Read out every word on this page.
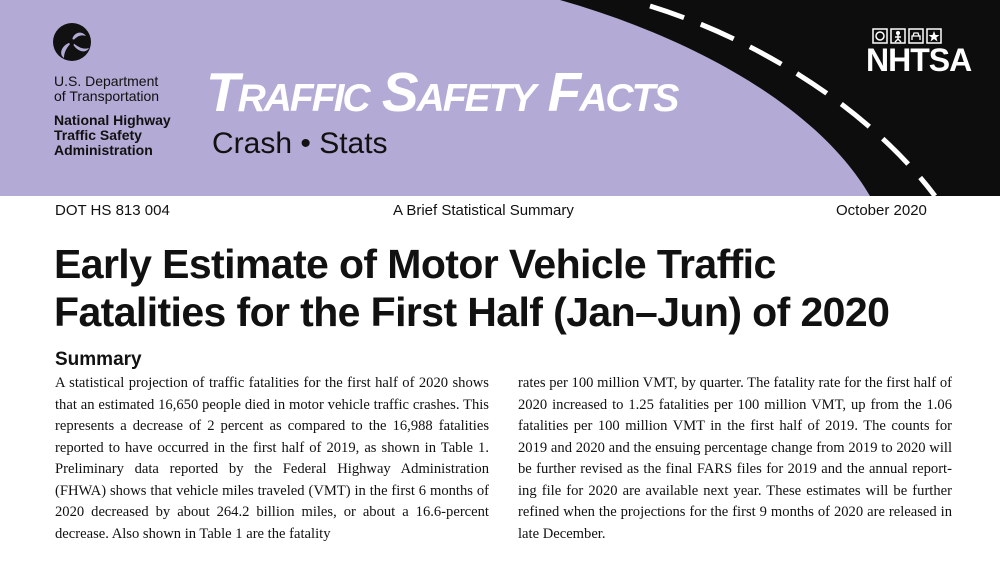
U.S. Department
of Transportation
National Highway
Traffic Safety
Administration
Traffic Safety Facts
Crash • Stats
NHTSA
DOT HS 813 004	A Brief Statistical Summary	October 2020
Early Estimate of Motor Vehicle Traffic
Fatalities for the First Half (Jan–Jun) of 2020
Summary

A statistical projection of traffic fatalities for the first half of 2020 shows that an estimated 16,650 people died in motor vehicle traffic crashes. This represents a decrease of 2 percent as compared to the 16,988 fatalities reported to have occurred in the first half of 2019, as shown in Table 1. Preliminary data reported by the Federal Highway Administration (FHWA) shows that vehicle miles traveled (VMT) in the first 6 months of 2020 decreased by about 264.2 billion miles, or about a 16.6-percent decrease. Also shown in Table 1 are the fatality

rates per 100 million VMT, by quarter. The fatality rate for the first half of 2020 increased to 1.25 fatalities per 100 million VMT, up from the 1.06 fatalities per 100 million VMT in the first half of 2019. The counts for 2019 and 2020 and the ensuing percentage change from 2019 to 2020 will be further revised as the final FARS files for 2019 and the annual reporting file for 2020 are available next year. These estimates will be further refined when the projections for the first 9 months of 2020 are released in late December.
